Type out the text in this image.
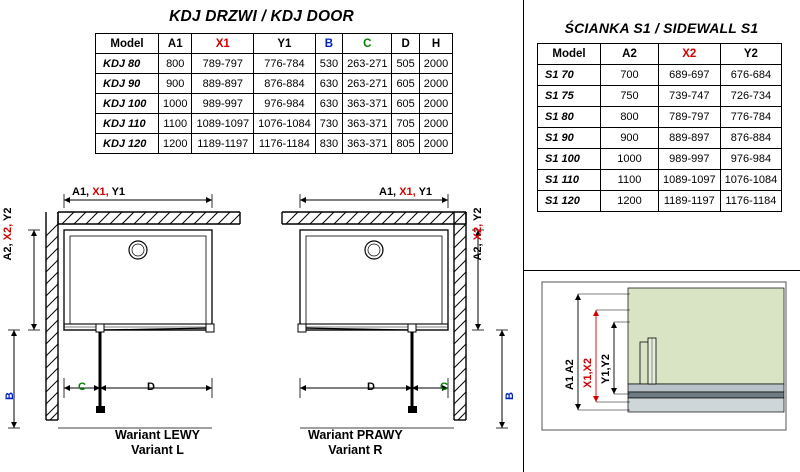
KDJ DRZWI / KDJ DOOR
Model	A1	X1	Y1	B	C	D	H
KDJ 80	800	789-797	776-784	530	263-271	505	2000
KDJ 90	900	889-897	876-884	630	263-271	605	2000
KDJ 100	1000	989-997	976-984	630	363-371	605	2000
KDJ 110	1100	1089-1097	1076-1084	730	363-371	705	2000
KDJ 120	1200	1189-1197	1176-1184	830	363-371	805	2000
ŚCIANKA S1 / SIDEWALL S1
Model	A2	X2	Y2
S1 70	700	689-697	676-684
S1 75	750	739-747	726-734
S1 80	800	789-797	776-784
S1 90	900	889-897	876-884
S1 100	1000	989-997	976-984
S1 110	1100	1089-1097	1076-1084
S1 120	1200	1189-1197	1176-1184
A1, X1, Y1
A2, X2, Y2
B
C	D
Wariant LEWY
Variant L
A1, X1, Y1
A2, X2, Y2
B
D	C
Wariant PRAWY
Variant R
A1 A2 X1,X2 Y1,Y2
